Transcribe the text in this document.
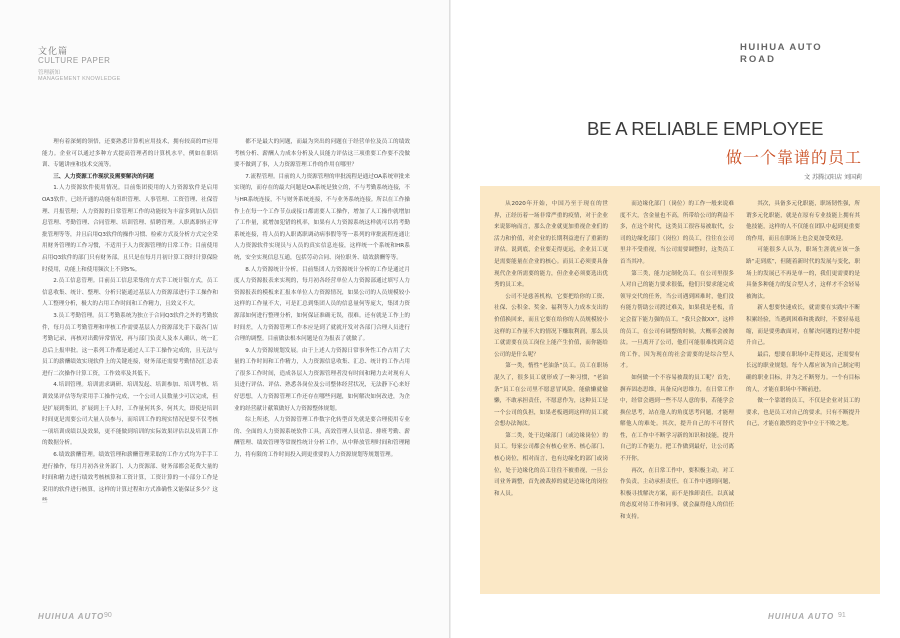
文化篇
CULTURE PAPER
管理新知
MANAGEMENT KNOWLEDGE

理有着深刻的领悟，还要熟悉计算机应用技术，拥有较高的IT应用能力。企业可以通过多种方式提高管理者的计算机水平，例如在职培训、专题讲座和技术交流等。

三、人力资源工作现状及需要解决的问题

1.人力资源软件使用情况。目前集团使用的人力资源软件是启用OA3软件，已经开通的功能有组织管理、人事管理、工资管理、社保管理、月报管理；人力资源的日常管理工作的功能较为丰富多到加入员信息管理、考勤管理、合同管理、培训管理、招聘管理。人职离职转正审批管理等等，并且启用Q3软件的操作习惯、检索方式及分析方式完全采用财务管理的工作习惯，不适用于人力资源管理的日常工作；目前使用启用Q3软件的部门只有财务部，且只是在每月月初计算工资时计算保险时使用，功能上和使用频次上不到5%。

2.员工信息管理。目前员工信息采集的方式手工统计版方式，员工信息收集、统计、整理、分析只能通过基层人力资源部进行手工操作和人工整理分析，极大的占用工作时间和工作精力，且效义不大。

3.员工考勤管理。员工考勤系统为独立于合同Q3软件之外的考勤软件，每月员工考勤管理和审核工作需要基层人力资源部先手下载各门店考勤记录，再核对出勤异常情况，再与部门负责人及本人确认，统一汇总后上报审批。这一系列工作都是通过人工手工操作完成的，且无法与员工的薪酬绩效实现软件上的关键连接，财务部还需要考勤情况汇总表进行二次操作计算工资，工作效率及其低下。

4.培训管理。培训需求调研、培训发起、培训参加、培训考核、培训效果评估等均采用手工操作完成，一个公司人员数量少可以完成，但是扩展到集团，扩展到上千人时，工作量何其多，何其大，即使是培训时间更是需要公司大量人员参与，而培训工作的现实情况是要不仅考核一项培训成绩以及效果，更不能做到培训的实际效果评估以及培训工作的数据分析。

6.绩效薪酬管理。绩效管理和薪酬管理采取的工作方式均为手手工进行操作，每月月初各业务部门、人力资源部、财务部都会花费大量的时间和精力进行绩效考核核算和工资计算，工资计算的一小部分工作是采用的软件进行核算，这样的计算过程和方式准确性又能保证多少？这些

都不是最大的问题，而最为突出的问题在于经营单位及员工的绩效考核分析、薪酬人力成本分析及人员能力评估这三项重要工作要不没做要不做到了事，人力资源管理工作的作用在哪里？

7.流程管理。目前的人力资源管理的审批流程是通过OA系统审批来实现的，而存在的最大问题是OA系统是独立的，不与考勤系统连接，不与HR系统连接，不与财务系统连接，不与业务系统连接。所以在工作操作上在每一个工作节点或接口都需要人工操作，增加了人工操作就增加了工作量，就增加犯错的机率，如果有人力资源系统这样就可以将考勤系统连接，将人员的入职离职调动病事假等等一系列的审批流程连通让人力资源软件实现员与人员的真实信息连接，这样统一个系统和HR系统，安全实现信息互通，包括劳动合同、岗位职务、绩效薪酬等等。

8.人力资源统计分析。目前集团人力资源统计分析的工作是通过月度人力资源报表来实现的，每月初各经营单位人力资源部通过填写人力资源报表的模板来汇报本单位人力资源情况，如果公司的人员规模较小这样的工作量不大，可是汇总到集团人员的信息量何等庞大，集团力资源部如何进行整理分析，如何保证准确无误，很难。还有就是工作上的时间差，人力资源管理工作本应是到了就就开发对各部门合理人员进行合理的调整。目前做法根本问题是在为报表了就做了。

9.人力资源规划发展。由于上述人力资源日常事务性工作占用了大量的工作时间和工作精力，人力资源信息收集、汇总、统计的工作占用了很多工作时间，造成各层人力资源管理者没有时间和精力去对现有人员进行评估、评估、熟悉各岗位及公司整体经营状况，无法静下心来好好思想，人力资源管理工作还存在哪些问题，如何解决如何改进，为企业的经营献计献策做好人力资源整体规划。

综上所述，人力资源管理工作数字化转型首先就是要合理使用专业的、全面的人力资源系统软件工具，高效管理人员信息、排班考勤、薪酬管理、绩效管理等常规性统计分析工作，从中释放管理时间和管理精力，将有限的工作时间投入到更重要的人力资源规划等规划管理。

HUIHUA AUTO 90
HUIHUA AUTO
ROAD
BE A RELIABLE EMPLOYEE
做一个靠谱的员工
文 苏腾汉阳店 刘国莉

从2020年开始，中国乃至于现在的世界，正经历着一场非常严重的疫情，对于企业来说影响而言，那么企业就更加重视企业们的活力和价值，对企业的长期利益进行了重新的评估。说到底，企业要走得更远，企业员工更是需要能量在企业的核心。而员工必须要具备现代企业所需要的能力，但企业必须要选出优秀的员工来。

公司不是慈善机构，它要把给你的工资、社保、公积金、奖金、福利等人力成本支出的价值换回来，而且它要在给你的人员规模较小这样的工作量不大的情况下赚取利润，那么员工就需要在员工岗位上能产生价值，而你能给公司的是什么呢？

第一类，惰性“老油条”员工。员工在职场混久了，很多员工就形成了一种习惯，“老油条”员工在公司里不愿意冒风险，能偷懒就偷懒，不敢承担责任，不愿意作为，这种员工是一个公司的负担，如果老板遇到这样的员工就会想办法淘汰。

第二类，处于边缘部门（或边缘岗位）的员工。每家公司都会有核心业务、核心部门、核心岗位，相对而言，也有边缘化的部门或岗位，处于边缘化的员工往往不被重视，一旦公司业务调整，首先被裁掉的就是边缘化的岗位和人员。

而边缘化部门（岗位）的工作一般来说难度不大，含金量也不高，所带给公司的利益不多，在这个时代，这类员工很容易被取代，公司的边缘化部门（岗位）的员工，往往在公司里并不受重视，当公司需要调整时，这类员工首当其冲。

第三类，能力定制化员工。在公司里很多人对自己的能力要求很低，他们只要求能完成领导交代的任务，当公司遇到困难时，他们没有能力帮助公司渡过难关，如果我是老板，肯定会留下能力强的员工。“我只会做XX”，这样的员工，在公司有调整的时候，大概率会被淘汰。一旦离开了公司，他们可能很难找到合适的工作，因为现在的社会需要的是综合型人才。

如何做一个不容易被裁的员工呢？首先，摒弃固态思维，具备反向思维力，在日常工作中，经常会遇到一些不尽人意的事，若能学会换位思考，站在他人的角度思考问题，才能理解他人的难处。其次，提升自己的不可替代性，在工作中不断学习新的知识和技能，提升自己的工作能力。把工作做到最好，让公司离不开你。

再次，在日常工作中，要积极主动，对工作负责，主动承担责任，在工作中遇到问题，积极寻找解决方案，而不是推卸责任。以真诚的态度对待工作和同事，就会赢得他人的信任和支持。

其次，具备多元化职能，职场韧性强，所谓多元化职能，就是在原有专业技能上拥有其他技能，这样的人不仅能在团队中起到更重要的作用，而且在职场上也会更加受欢迎。

可能很多人认为，职场生涯就应该一条路“走到底”，但随着新时代的发展与变化，职场上的发展已不再是单一的，我们更需要的是具备多种能力的复合型人才，这样才不会轻易被淘汰。

新人想要快速成长，就需要在实践中不断积累经验，当遇到困难和挑战时，不要轻易退缩，而是要勇敢面对，在解决问题的过程中提升自己。

最后，想要在职场中走得更远，还需要有长远的职业规划。每个人都应该为自己制定明确的职业目标，并为之不断努力。一个有目标的人，才能在职场中不断前进。

做一个靠谱的员工，不仅是企业对员工的要求，也是员工对自己的要求。只有不断提升自己，才能在激烈的竞争中立于不败之地。

HUIHUA AUTO 91
